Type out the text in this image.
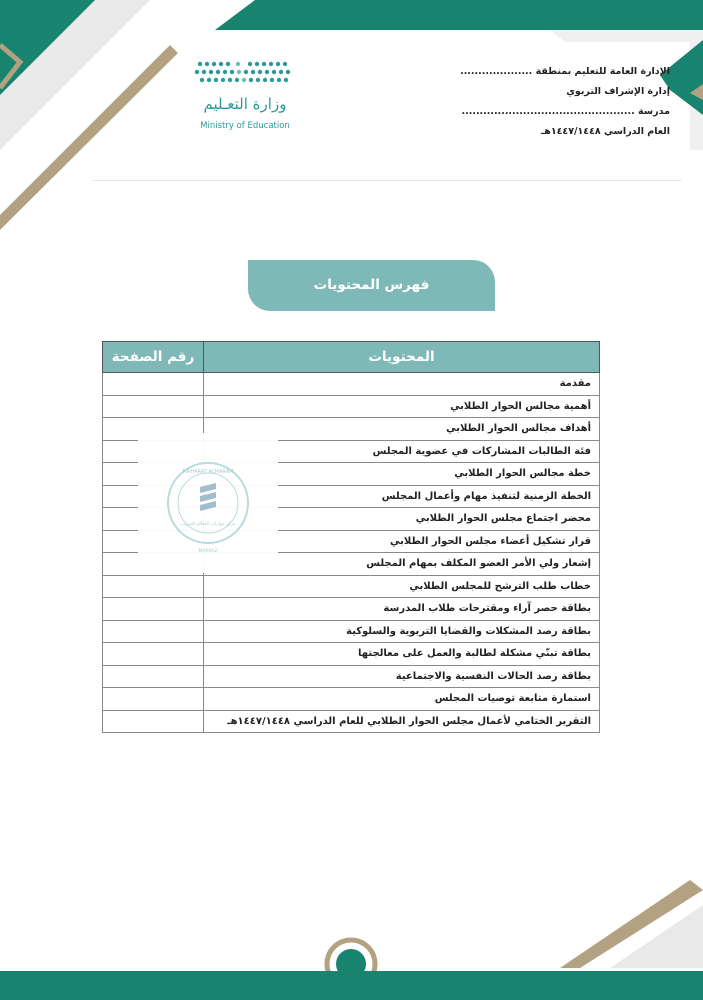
وزارة التعـليم
Ministry of Education
الإدارة العامة للتعليم بمنطقة ....................
إدارة الإشراف التربوي
مدرسة ................................................
العام الدراسي ١٤٤٧/١٤٤٨هـ
فهرس المحتويات
المحتويات	رقم الصفحة
مقدمة	
أهمية مجالس الحوار الطلابي	
أهداف مجالس الحوار الطلابي	
فئة الطالبات المشاركات في عضوية المجلس	
خطة مجالس الحوار الطلابي	
الخطة الزمنية لتنفيذ مهام وأعمال المجلس	
محضر اجتماع مجلس الحوار الطلابي	
قرار تشكيل أعضاء مجلس الحوار الطلابي	
إشعار ولي الأمر العضو المكلف بمهام المجلس	
خطاب طلب الترشح للمجلس الطلابي	
بطاقة حصر آراء ومقترحات طلاب المدرسة	
بطاقة رصد المشكلات والقضايا التربوية والسلوكية	
بطاقة تبنّي مشكلة لطالبة والعمل على معالجتها	
بطاقة رصد الحالات النفسية والاجتماعية	
استمارة متابعة توصيات المجلس	
التقرير الختامي لأعمال مجلس الحوار الطلابي للعام الدراسي ١٤٤٧/١٤٤٨هـ	
MAHARAT ALMARAM
مركز مهارات المعالم للتدريب
MARKAZ
